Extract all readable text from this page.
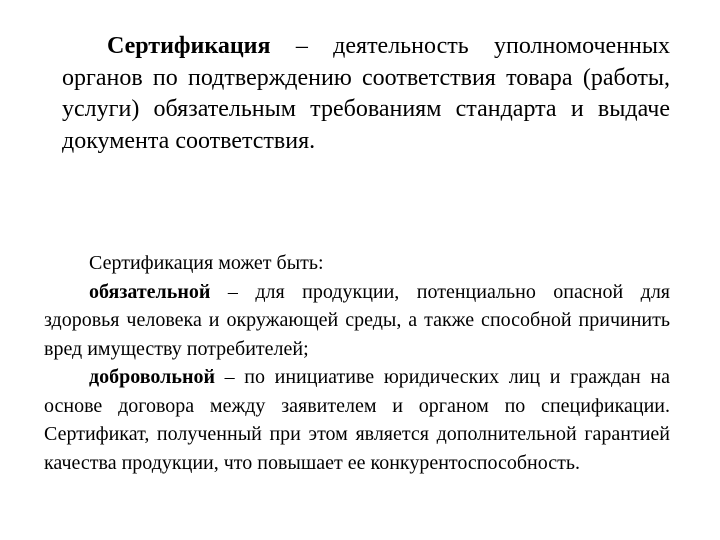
Сертификация – деятельность уполномоченных органов по подтверждению соответствия товара (работы, услуги) обязательным требованиям стандарта и выдаче документа соответствия.

Сертификация может быть:

обязательной – для продукции, потенциально опасной для здоровья человека и окружающей среды, а также способной причинить вред имуществу потребителей;

добровольной – по инициативе юридических лиц и граждан на основе договора между заявителем и органом по спецификации. Сертификат, полученный при этом является дополнительной гарантией качества продукции, что повышает ее конкурентоспособность.
